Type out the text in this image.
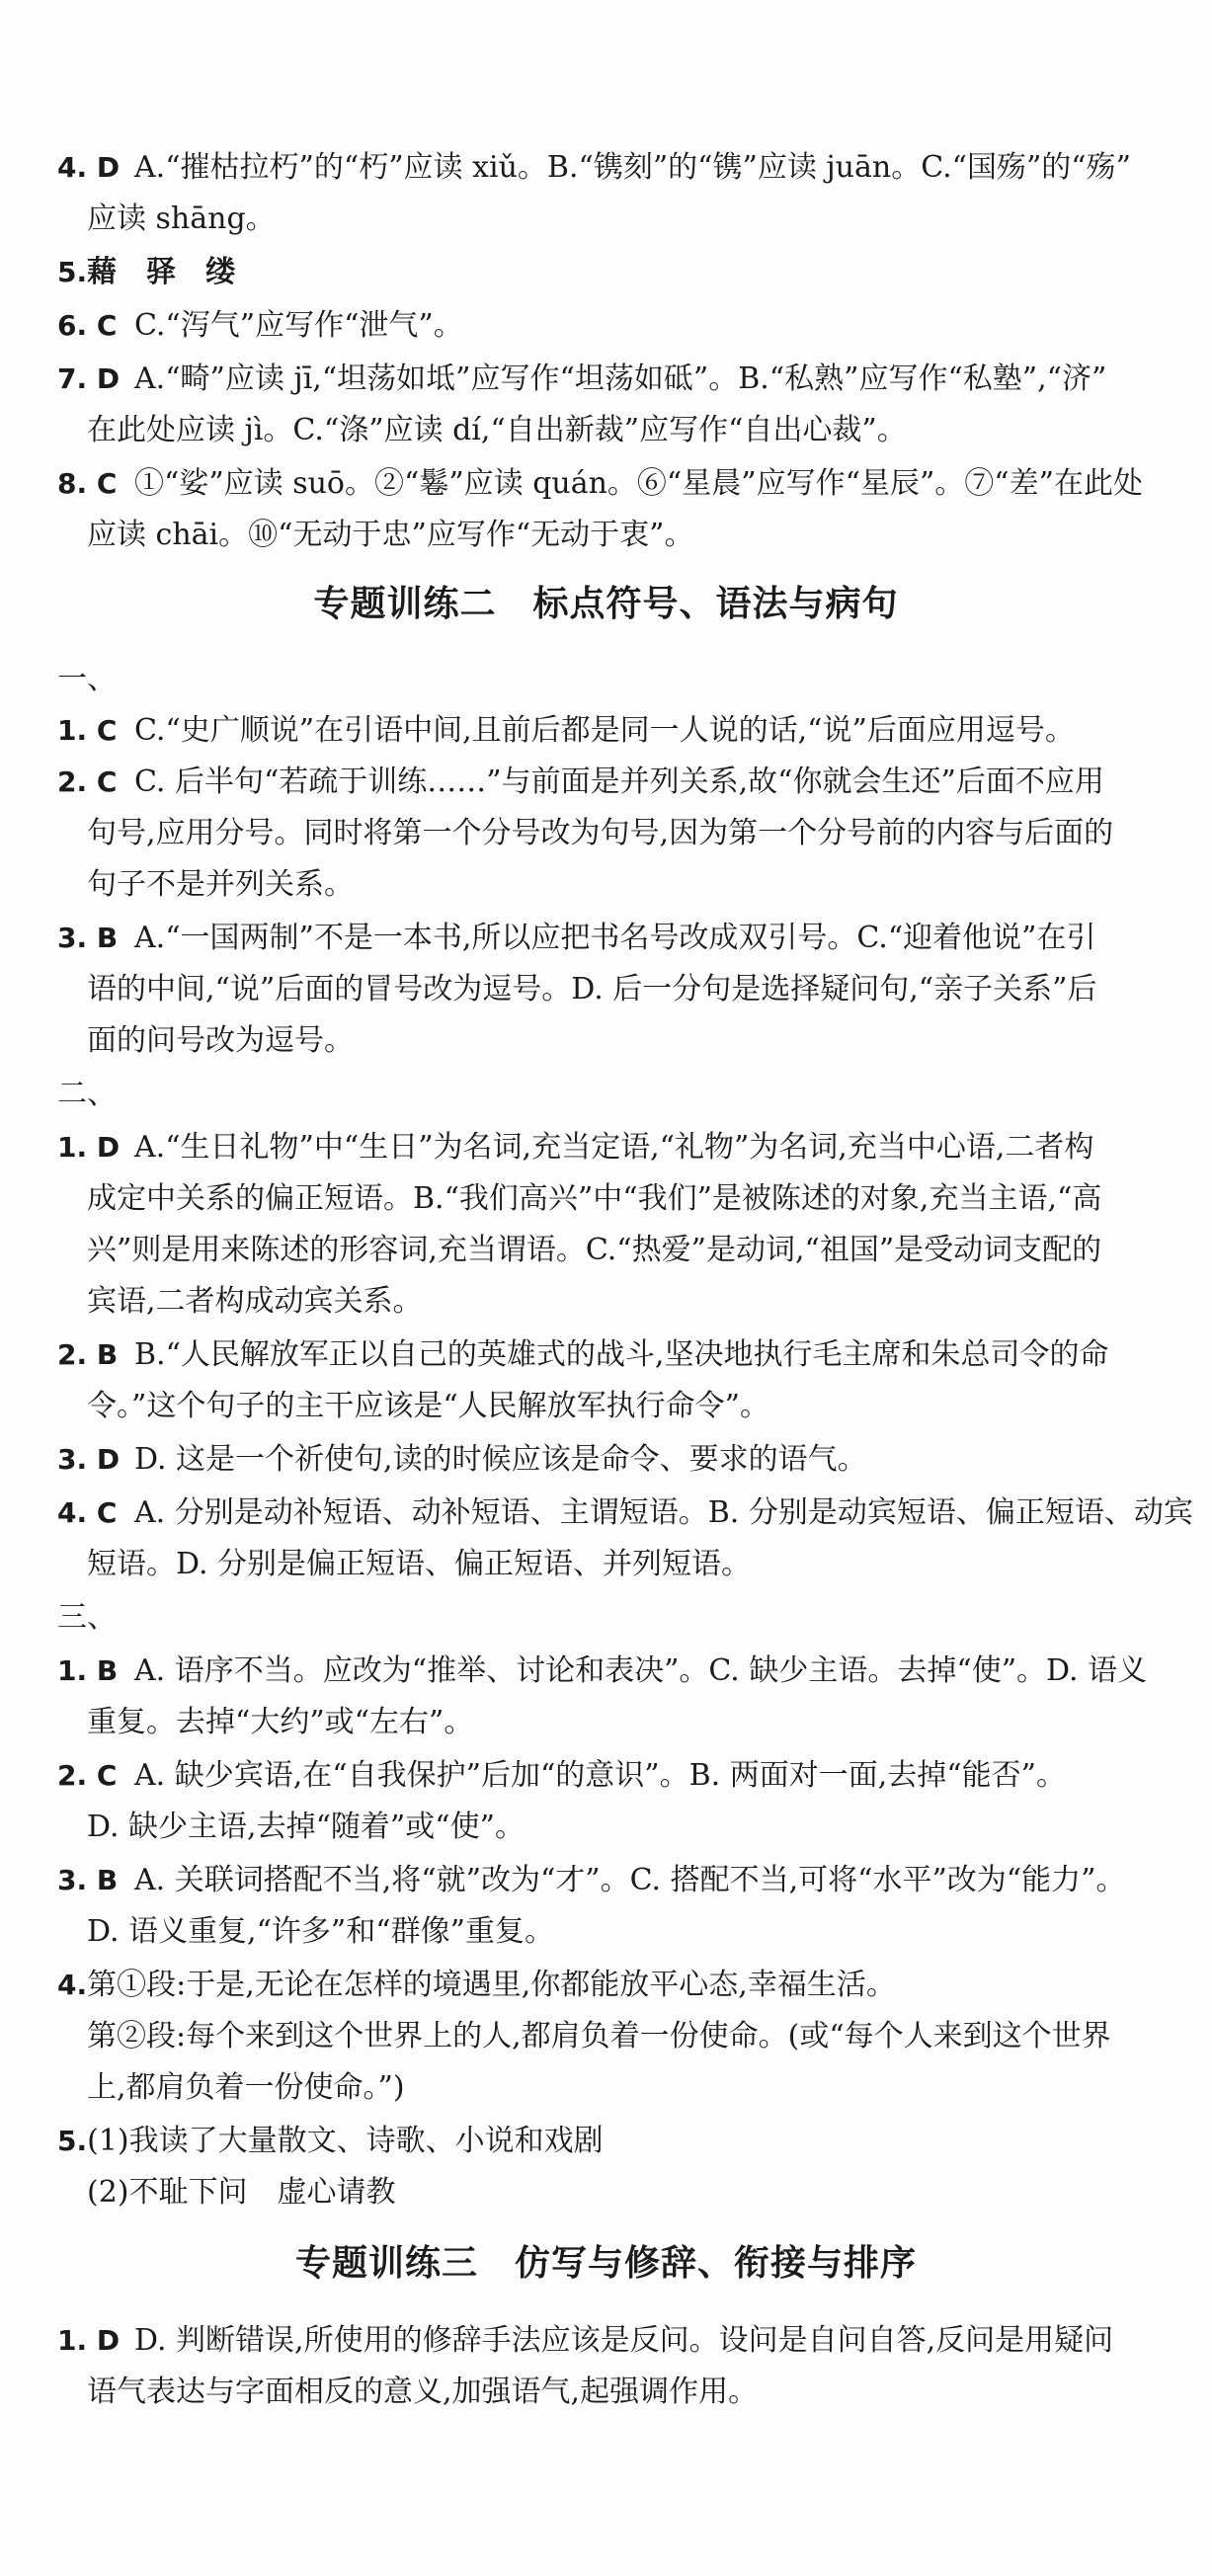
4. D A.“摧枯拉朽”的“朽”应读 xiǔ。B.“镌刻”的“镌”应读 juān。C.“国殇”的“殇”
应读 shāng。
5.藉　驿　缕
6. C C.“泻气”应写作“泄气”。
7. D A.“畸”应读 jī,“坦荡如坻”应写作“坦荡如砥”。B.“私熟”应写作“私塾”,“济”
在此处应读 jì。C.“涤”应读 dí,“自出新裁”应写作“自出心裁”。
8. C ①“娑”应读 suō。②“鬈”应读 quán。⑥“星晨”应写作“星辰”。⑦“差”在此处
应读 chāi。⑩“无动于忠”应写作“无动于衷”。
专题训练二　标点符号、语法与病句
一、
1. C C.“史广顺说”在引语中间,且前后都是同一人说的话,“说”后面应用逗号。
2. C C. 后半句“若疏于训练……”与前面是并列关系,故“你就会生还”后面不应用
句号,应用分号。同时将第一个分号改为句号,因为第一个分号前的内容与后面的
句子不是并列关系。
3. B A.“一国两制”不是一本书,所以应把书名号改成双引号。C.“迎着他说”在引
语的中间,“说”后面的冒号改为逗号。D. 后一分句是选择疑问句,“亲子关系”后
面的问号改为逗号。
二、
1. D A.“生日礼物”中“生日”为名词,充当定语,“礼物”为名词,充当中心语,二者构
成定中关系的偏正短语。B.“我们高兴”中“我们”是被陈述的对象,充当主语,“高
兴”则是用来陈述的形容词,充当谓语。C.“热爱”是动词,“祖国”是受动词支配的
宾语,二者构成动宾关系。
2. B B.“人民解放军正以自己的英雄式的战斗,坚决地执行毛主席和朱总司令的命
令。”这个句子的主干应该是“人民解放军执行命令”。
3. D D. 这是一个祈使句,读的时候应该是命令、要求的语气。
4. C A. 分别是动补短语、动补短语、主谓短语。B. 分别是动宾短语、偏正短语、动宾
短语。D. 分别是偏正短语、偏正短语、并列短语。
三、
1. B A. 语序不当。应改为“推举、讨论和表决”。C. 缺少主语。去掉“使”。D. 语义
重复。去掉“大约”或“左右”。
2. C A. 缺少宾语,在“自我保护”后加“的意识”。B. 两面对一面,去掉“能否”。
D. 缺少主语,去掉“随着”或“使”。
3. B A. 关联词搭配不当,将“就”改为“才”。C. 搭配不当,可将“水平”改为“能力”。
D. 语义重复,“许多”和“群像”重复。
4.第①段:于是,无论在怎样的境遇里,你都能放平心态,幸福生活。
第②段:每个来到这个世界上的人,都肩负着一份使命。(或“每个人来到这个世界
上,都肩负着一份使命。”)
5.(1)我读了大量散文、诗歌、小说和戏剧
(2)不耻下问　虚心请教
专题训练三　仿写与修辞、衔接与排序
1. D D. 判断错误,所使用的修辞手法应该是反问。设问是自问自答,反问是用疑问
语气表达与字面相反的意义,加强语气,起强调作用。
